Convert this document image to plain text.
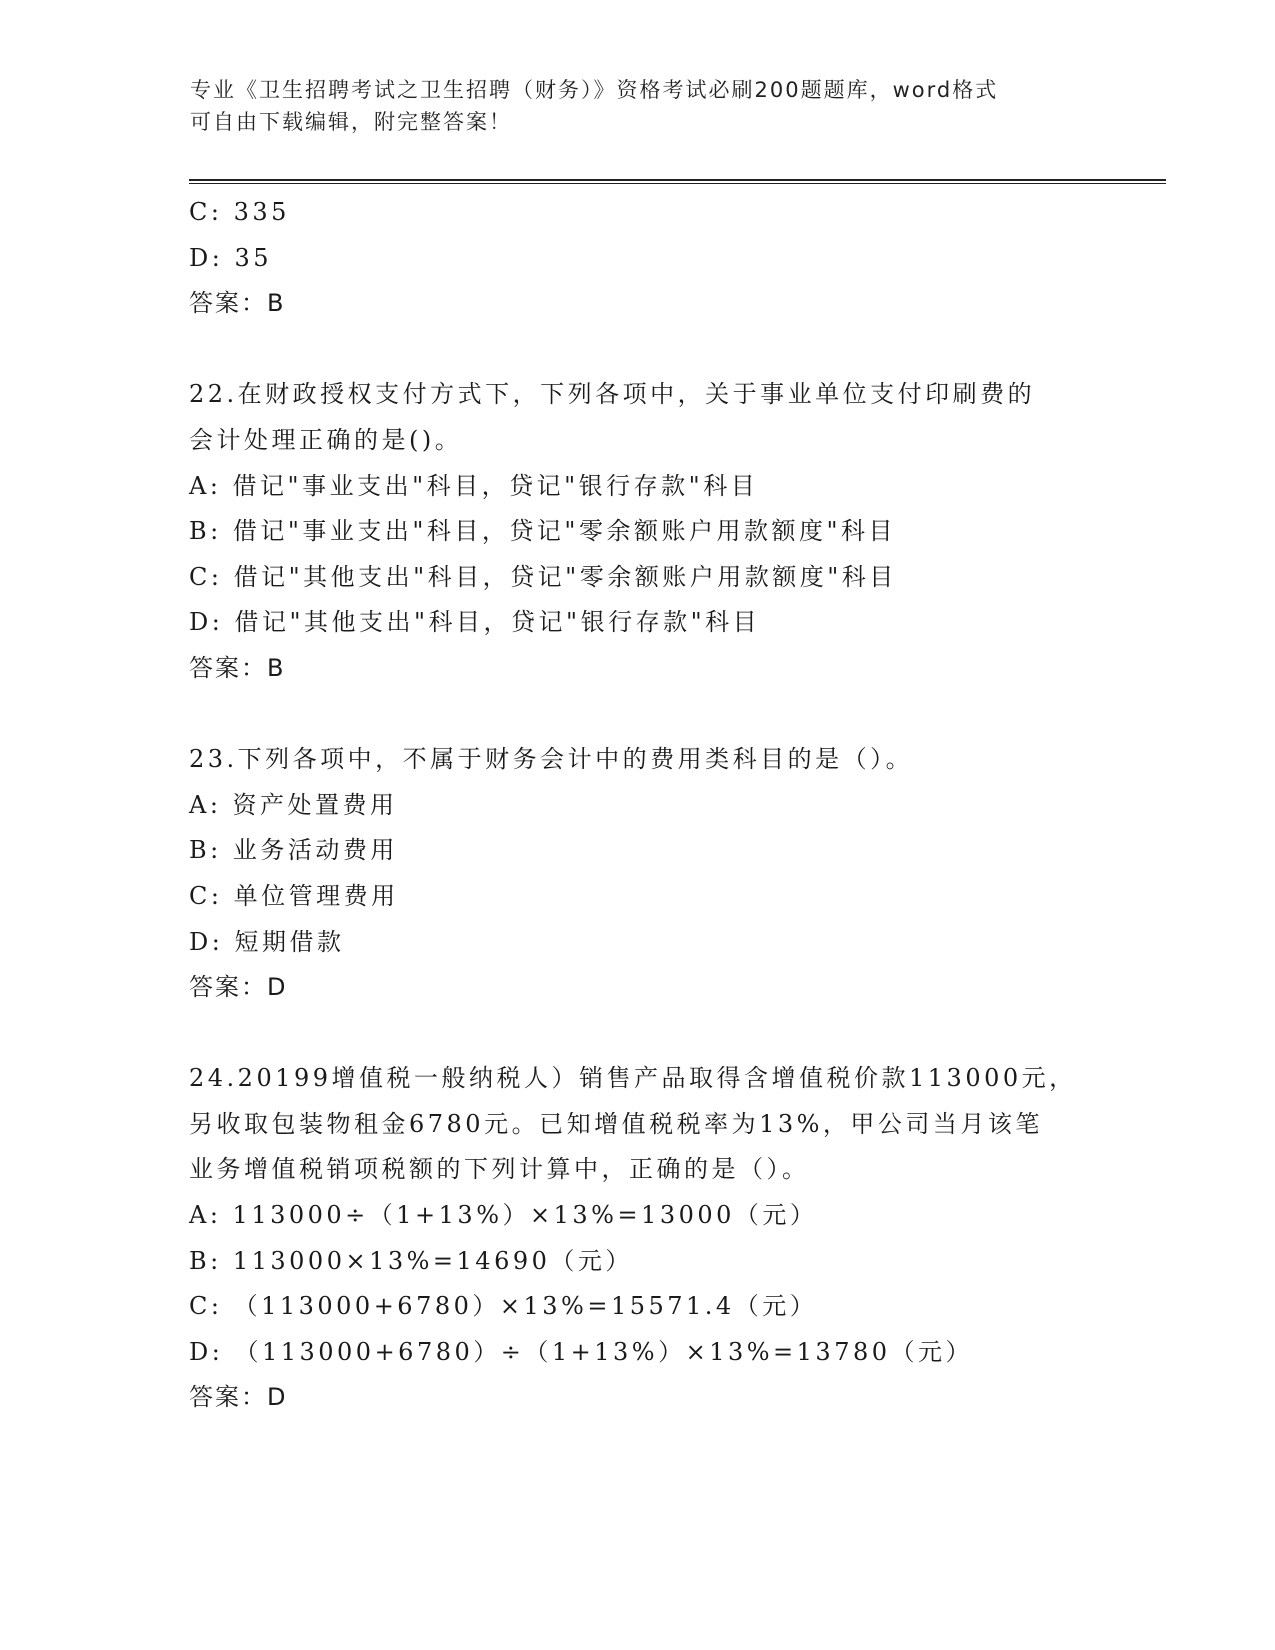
专业《卫生招聘考试之卫生招聘（财务）》资格考试必刷200题题库，word格式
可自由下载编辑，附完整答案！
C: 335
D: 35
答案：B
22.在财政授权支付方式下，下列各项中，关于事业单位支付印刷费的
会计处理正确的是()。
A: 借记"事业支出"科目，贷记"银行存款"科目
B: 借记"事业支出"科目，贷记"零余额账户用款额度"科目
C: 借记"其他支出"科目，贷记"零余额账户用款额度"科目
D: 借记"其他支出"科目，贷记"银行存款"科目
答案：B
23.下列各项中，不属于财务会计中的费用类科目的是（）。
A: 资产处置费用
B: 业务活动费用
C: 单位管理费用
D: 短期借款
答案：D
24.20199增值税一般纳税人）销售产品取得含增值税价款113000元，
另收取包装物租金6780元。已知增值税税率为13%，甲公司当月该笔
业务增值税销项税额的下列计算中，正确的是（）。
A: 113000÷（1+13%）×13%=13000（元）
B: 113000×13%=14690（元）
C: （113000+6780）×13%=15571.4（元）
D: （113000+6780）÷（1+13%）×13%=13780（元）
答案：D
